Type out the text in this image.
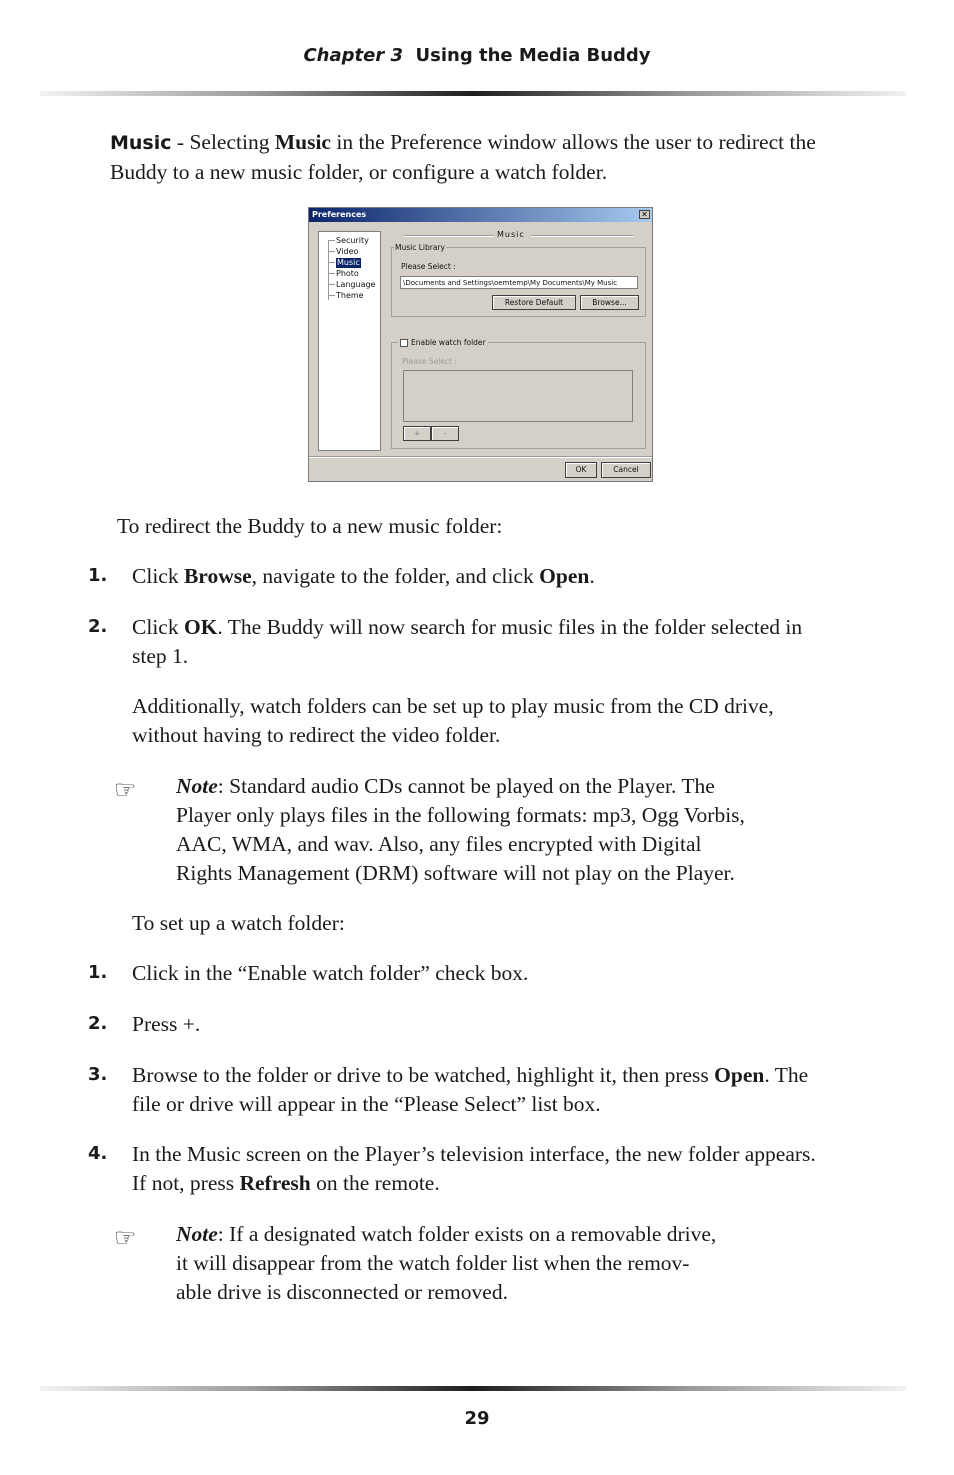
Chapter 3 Using the Media Buddy
Music - Selecting Music in the Preference window allows the user to redirect the
Buddy to a new music folder, or configure a watch folder.
Preferences	✕
Security
Video
Music
Photo
Language
Theme
Music
Music Library
Please Select :
\Documents and Settings\oemtemp\My Documents\My Music
Restore Default	Browse...
Enable watch folder
Please Select :
+	-
OK	Cancel
To redirect the Buddy to a new music folder:
1. Click Browse, navigate to the folder, and click Open.
2. Click OK. The Buddy will now search for music files in the folder selected in
step 1.
Additionally, watch folders can be set up to play music from the CD drive,
without having to redirect the video folder.
☞ Note: Standard audio CDs cannot be played on the Player. The
Player only plays files in the following formats: mp3, Ogg Vorbis,
AAC, WMA, and wav. Also, any files encrypted with Digital
Rights Management (DRM) software will not play on the Player.
To set up a watch folder:
1. Click in the “Enable watch folder” check box.
2. Press +.
3. Browse to the folder or drive to be watched, highlight it, then press Open. The
file or drive will appear in the “Please Select” list box.
4. In the Music screen on the Player’s television interface, the new folder appears.
If not, press Refresh on the remote.
☞ Note: If a designated watch folder exists on a removable drive,
it will disappear from the watch folder list when the remov-
able drive is disconnected or removed.
29
